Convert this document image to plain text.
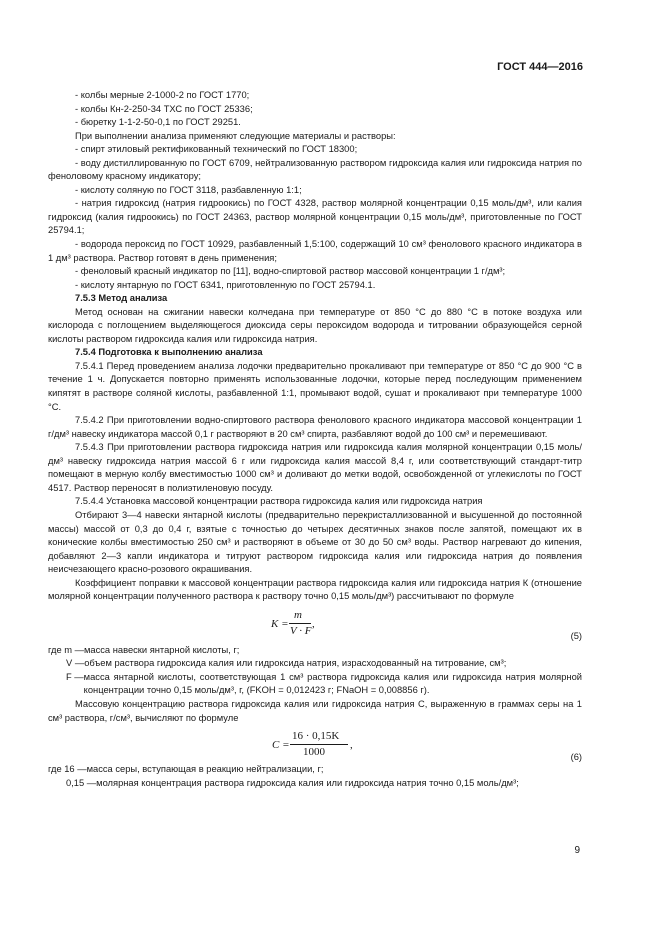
ГОСТ 444—2016

- колбы мерные 2-1000-2 по ГОСТ 1770;

- колбы Кн-2-250-34 ТХС по ГОСТ 25336;

- бюретку 1-1-2-50-0,1 по ГОСТ 29251.

При выполнении анализа применяют следующие материалы и растворы:

- спирт этиловый ректификованный технический по ГОСТ 18300;

- воду дистиллированную по ГОСТ 6709, нейтрализованную раствором гидроксида калия или гидроксида натрия по феноловому красному индикатору;

- кислоту соляную по ГОСТ 3118, разбавленную 1:1;

- натрия гидроксид (натрия гидроокись) по ГОСТ 4328, раствор молярной концентрации 0,15 моль/дм³, или калия гидроксид (калия гидроокись) по ГОСТ 24363, раствор молярной концентрации 0,15 моль/дм³, приготовленные по ГОСТ 25794.1;

- водорода пероксид по ГОСТ 10929, разбавленный 1,5:100, содержащий 10 см³ фенолового красного индикатора в 1 дм³ раствора. Раствор готовят в день применения;

- феноловый красный индикатор по [11], водно-спиртовой раствор массовой концентрации 1 г/дм³;

- кислоту янтарную по ГОСТ 6341, приготовленную по ГОСТ 25794.1.

7.5.3 Метод анализа

Метод основан на сжигании навески колчедана при температуре от 850 °С до 880 °С в потоке воздуха или кислорода с поглощением выделяющегося диоксида серы пероксидом водорода и титровании образующейся серной кислоты раствором гидроксида калия или гидроксида натрия.

7.5.4 Подготовка к выполнению анализа

7.5.4.1 Перед проведением анализа лодочки предварительно прокаливают при температуре от 850 °С до 900 °С в течение 1 ч. Допускается повторно применять использованные лодочки, которые перед последующим применением кипятят в растворе соляной кислоты, разбавленной 1:1, промывают водой, сушат и прокаливают при температуре 1000 °С.

7.5.4.2 При приготовлении водно-спиртового раствора фенолового красного индикатора массовой концентрации 1 г/дм³ навеску индикатора массой 0,1 г растворяют в 20 см³ спирта, разбавляют водой до 100 см³ и перемешивают.

7.5.4.3 При приготовлении раствора гидроксида натрия или гидроксида калия молярной концентрации 0,15 моль/дм³ навеску гидроксида натрия массой 6 г или гидроксида калия массой 8,4 г, или соответствующий стандарт-титр помещают в мерную колбу вместимостью 1000 см³ и доливают до метки водой, освобожденной от углекислоты по ГОСТ 4517. Раствор переносят в полиэтиленовую посуду.

7.5.4.4 Установка массовой концентрации раствора гидроксида калия или гидроксида натрия

Отбирают 3—4 навески янтарной кислоты (предварительно перекристаллизованной и высушенной до постоянной массы) массой от 0,3 до 0,4 г, взятые с точностью до четырех десятичных знаков после запятой, помещают их в конические колбы вместимостью 250 см³ и растворяют в объеме от 30 до 50 см³ воды. Раствор нагревают до кипения, добавляют 2—3 капли индикатора и титруют раствором гидроксида калия или гидроксида натрия до появления неисчезающего красно-розового окрашивания.

Коэффициент поправки к массовой концентрации раствора гидроксида калия или гидроксида натрия К (отношение молярной концентрации полученного раствора к раствору точно 0,15 моль/дм³) рассчитывают по формуле

K =
m
V · F
,
(5)
где m — масса навески янтарной кислоты, г;
V — объем раствора гидроксида калия или гидроксида натрия, израсходованный на титрование, см³;
F — масса янтарной кислоты, соответствующая 1 см³ раствора гидроксида калия или гидроксида натрия молярной концентрации точно 0,15 моль/дм³, г, (FKOH = 0,012423 г; FNaOH = 0,008856 г).

Массовую концентрацию раствора гидроксида калия или гидроксида натрия С, выраженную в граммах серы на 1 см³ раствора, г/см³, вычисляют по формуле

C =
16 · 0,15K
1000
,
(6)
где 16 — масса серы, вступающая в реакцию нейтрализации, г;
0,15 — молярная концентрация раствора гидроксида калия или гидроксида натрия точно 0,15 моль/дм³;
9
